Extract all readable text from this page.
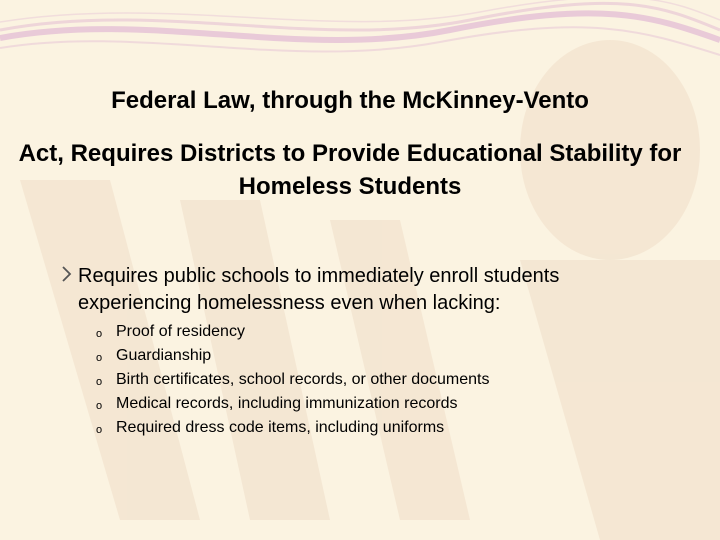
Federal Law, through the McKinney-Vento
Act, Requires Districts to Provide Educational Stability for Homeless Students
Requires public schools to immediately enroll students experiencing homelessness even when lacking:
o Proof of residency
o Guardianship
o Birth certificates, school records, or other documents
o Medical records, including immunization records
o Required dress code items, including uniforms
